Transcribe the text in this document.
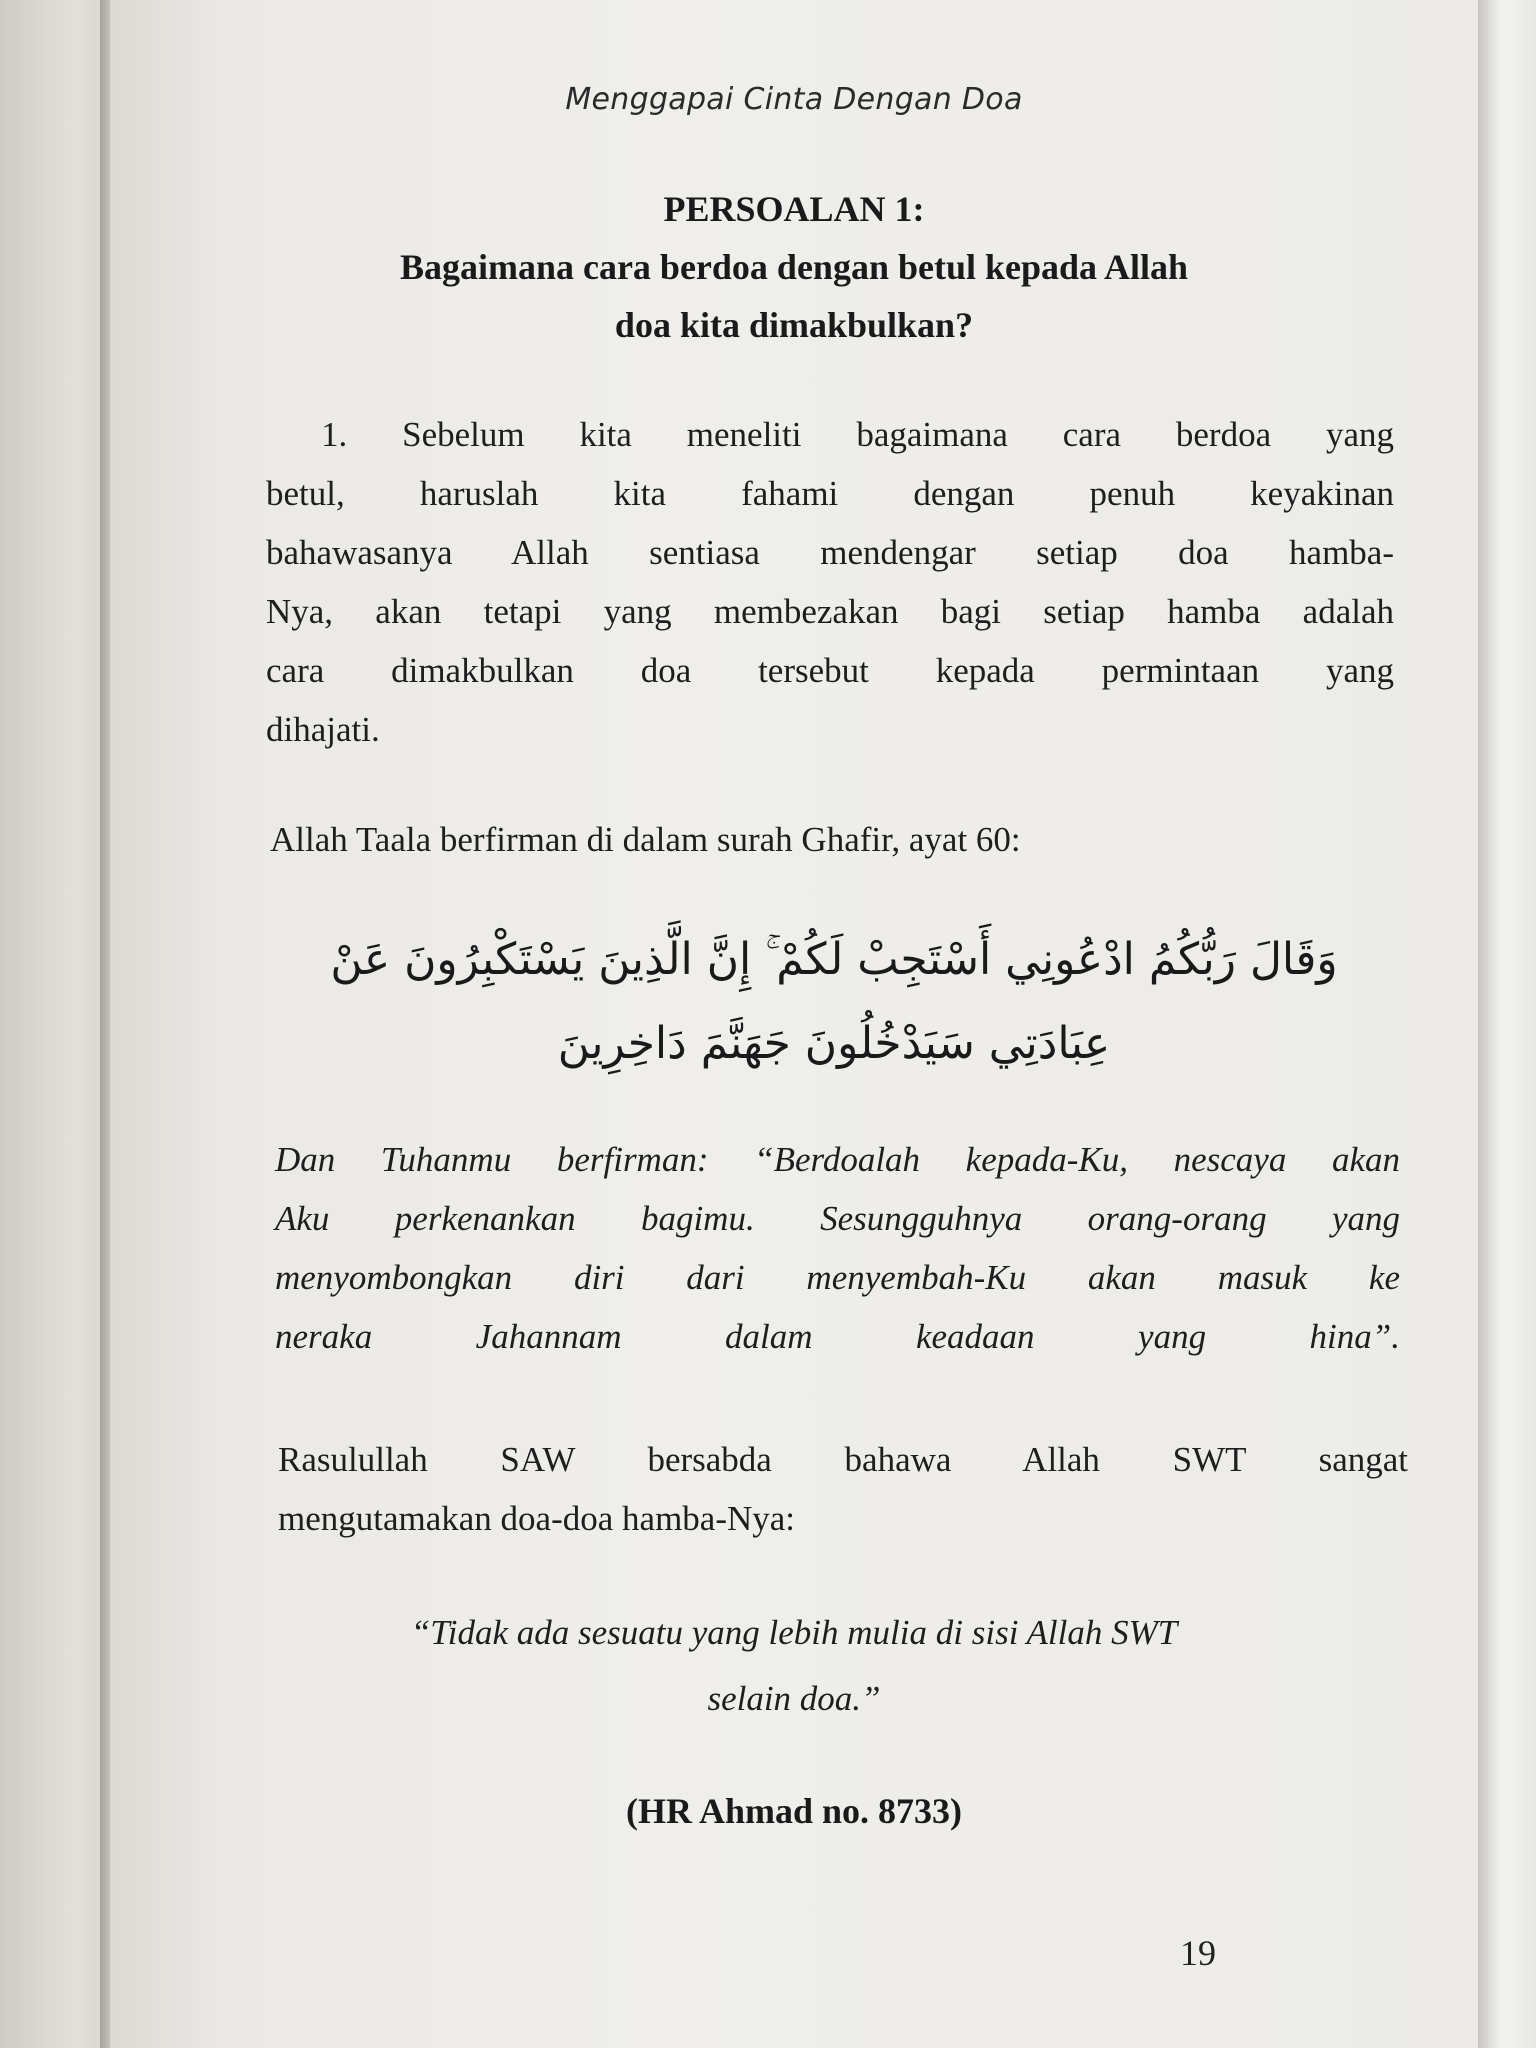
Menggapai Cinta Dengan Doa
PERSOALAN 1:
Bagaimana cara berdoa dengan betul kepada Allah
doa kita dimakbulkan?
1. Sebelum kita meneliti bagaimana cara berdoa yang
betul, haruslah kita fahami dengan penuh keyakinan
bahawasanya Allah sentiasa mendengar setiap doa hamba-
Nya, akan tetapi yang membezakan bagi setiap hamba adalah
cara dimakbulkan doa tersebut kepada permintaan yang
dihajati.
Allah Taala berfirman di dalam surah Ghafir, ayat 60:
وَقَالَ رَبُّكُمُ ادْعُونِي أَسْتَجِبْ لَكُمْ ۚ إِنَّ الَّذِينَ يَسْتَكْبِرُونَ عَنْ
عِبَادَتِي سَيَدْخُلُونَ جَهَنَّمَ دَاخِرِينَ
Dan Tuhanmu berfirman: “Berdoalah kepada-Ku, nescaya akan
Aku perkenankan bagimu. Sesungguhnya orang-orang yang
menyombongkan diri dari menyembah-Ku akan masuk ke
neraka Jahannam dalam keadaan yang hina”.
Rasulullah SAW bersabda bahawa Allah SWT sangat
mengutamakan doa-doa hamba-Nya:
“Tidak ada sesuatu yang lebih mulia di sisi Allah SWT
selain doa.”
(HR Ahmad no. 8733)
19
